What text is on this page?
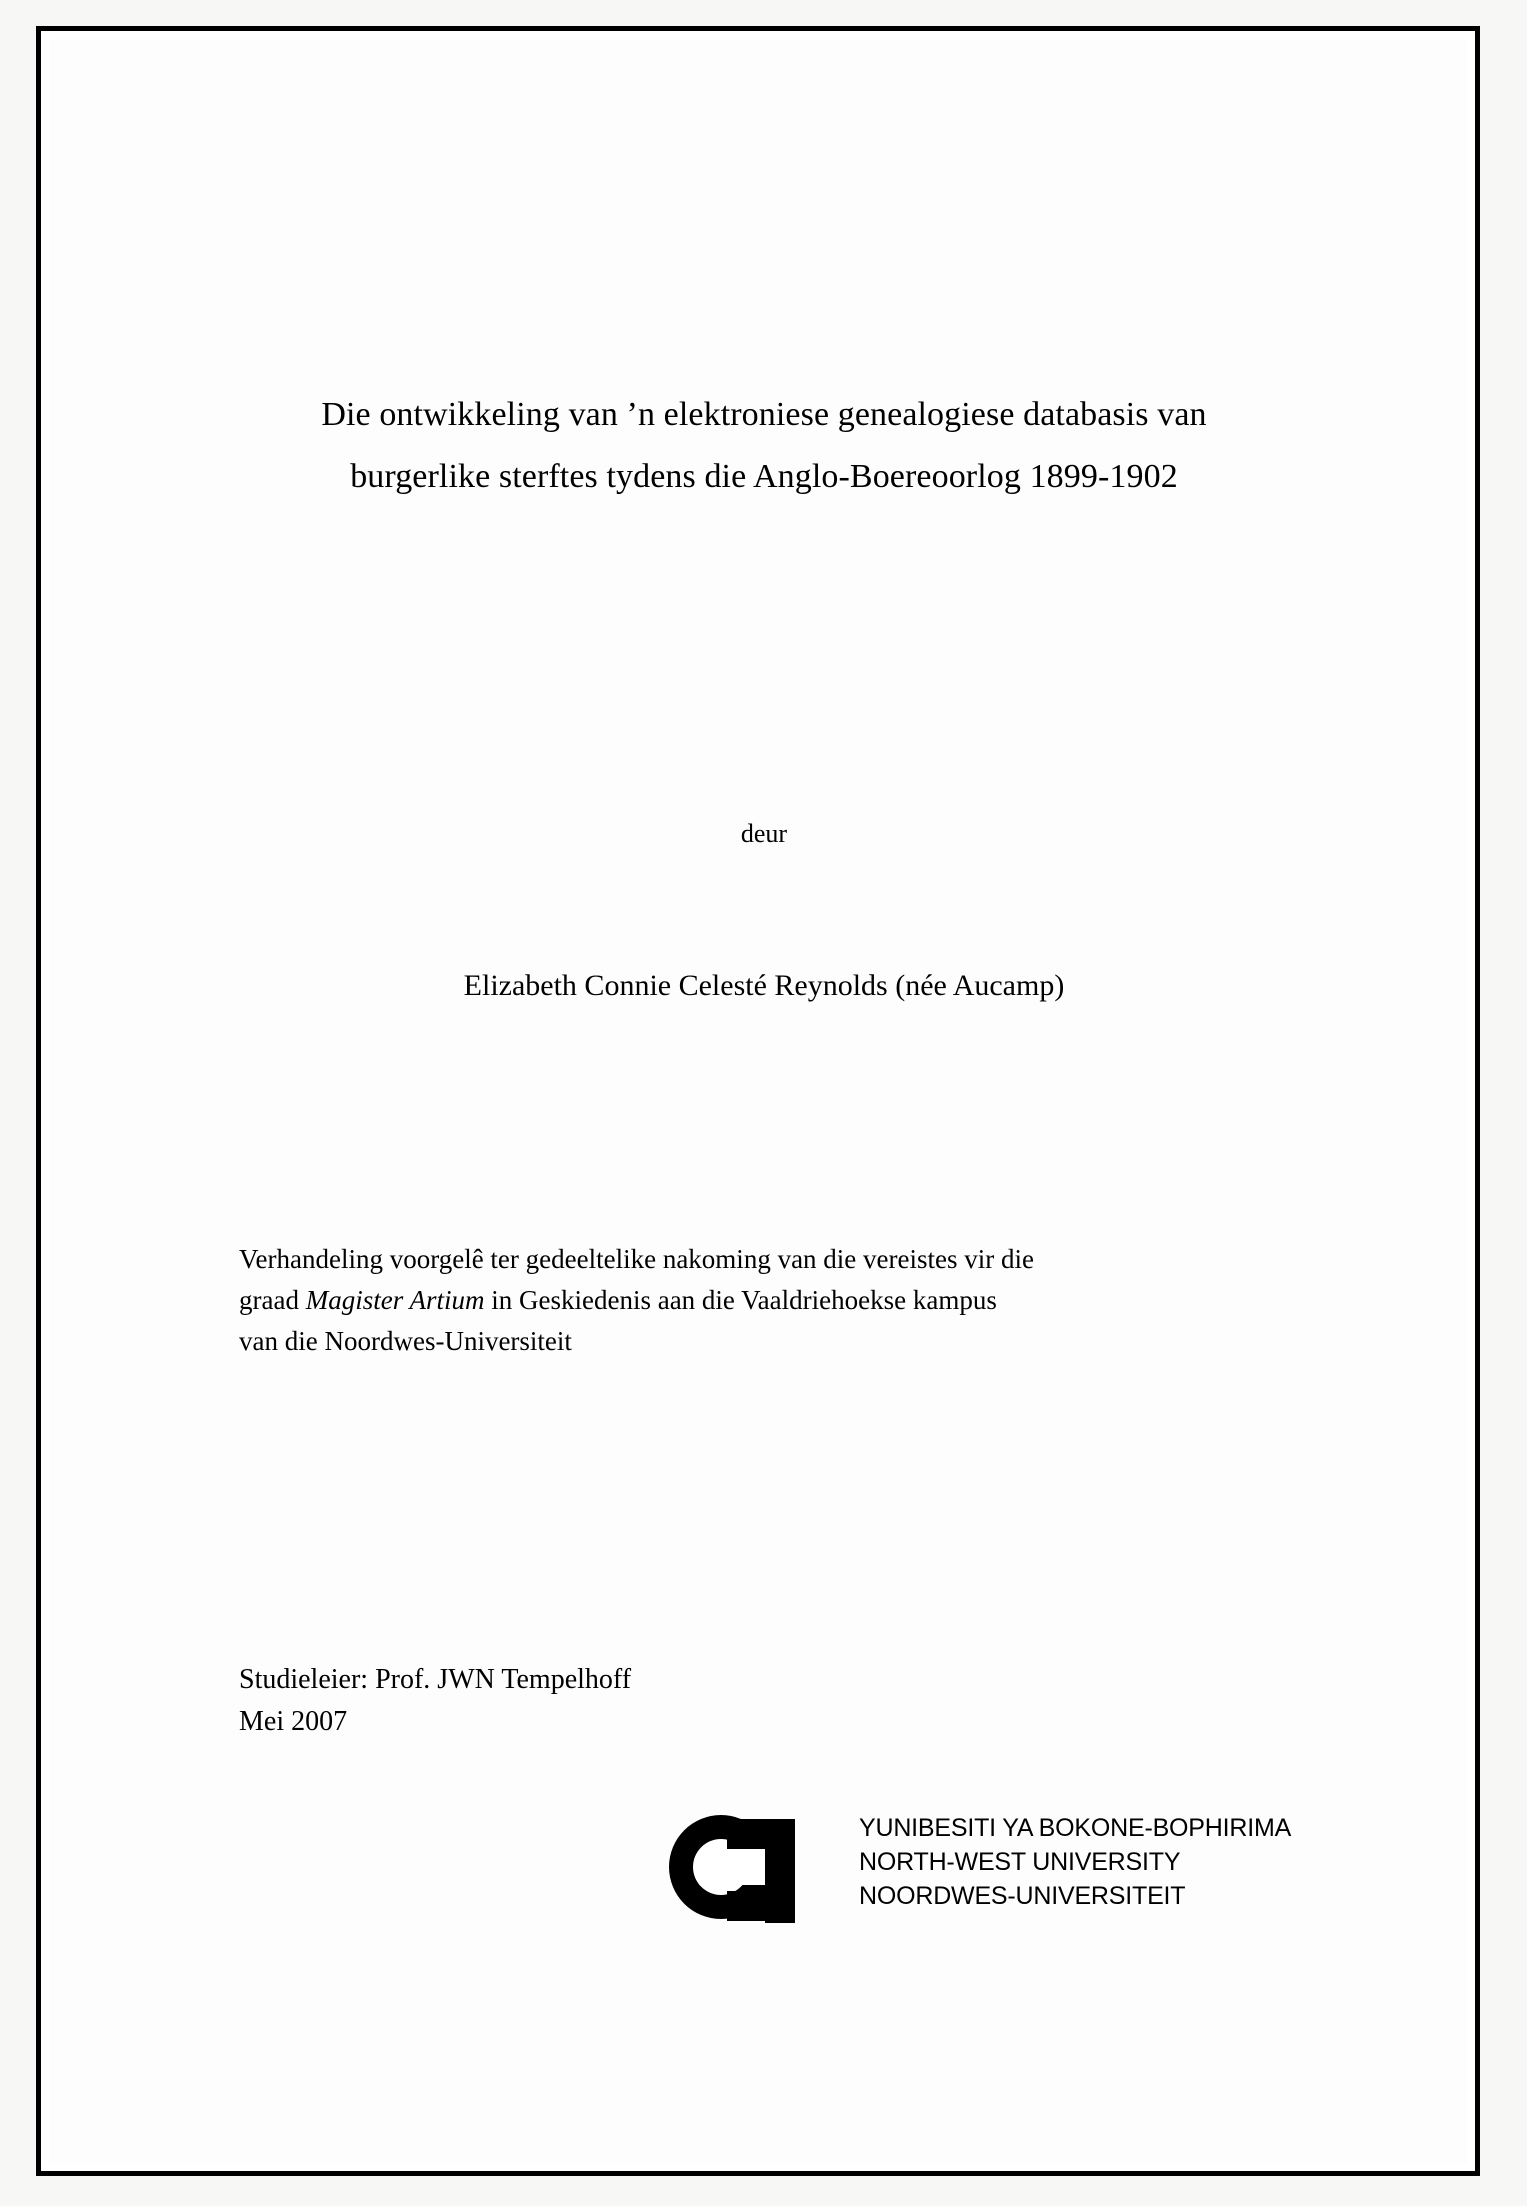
Die ontwikkeling van ’n elektroniese genealogiese databasis van
burgerlike sterftes tydens die Anglo-Boereoorlog 1899-1902
deur
Elizabeth Connie Celesté Reynolds (née Aucamp)
Verhandeling voorgelê ter gedeeltelike nakoming van die vereistes vir die
graad Magister Artium in Geskiedenis aan die Vaaldriehoekse kampus
van die Noordwes-Universiteit
Studieleier: Prof. JWN Tempelhoff
Mei 2007
YUNIBESITI YA BOKONE-BOPHIRIMA
NORTH-WEST UNIVERSITY
NOORDWES-UNIVERSITEIT
